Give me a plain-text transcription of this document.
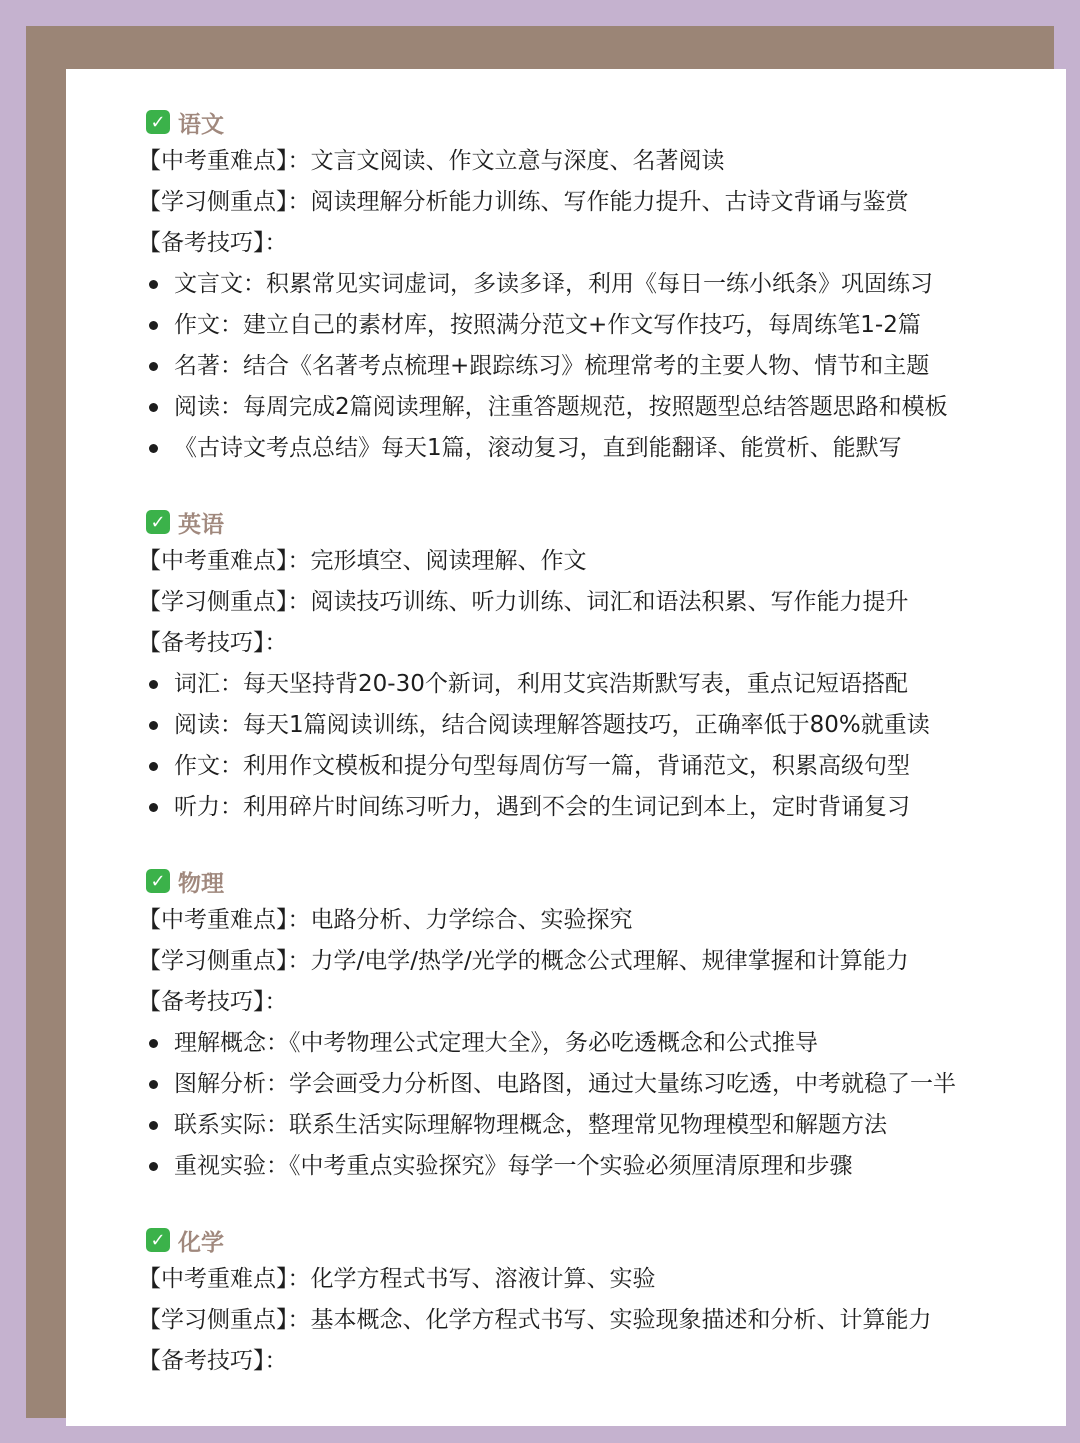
✓ 语文
【中考重难点】：文言文阅读、作文立意与深度、名著阅读
【学习侧重点】：阅读理解分析能力训练、写作能力提升、古诗文背诵与鉴赏
【备考技巧】：
文言文：积累常见实词虚词，多读多译，利用《每日一练小纸条》巩固练习
作文：建立自己的素材库，按照满分范文+作文写作技巧，每周练笔1-2篇
名著：结合《名著考点梳理+跟踪练习》梳理常考的主要人物、情节和主题
阅读：每周完成2篇阅读理解，注重答题规范，按照题型总结答题思路和模板
《古诗文考点总结》每天1篇，滚动复习，直到能翻译、能赏析、能默写
✓ 英语
【中考重难点】：完形填空、阅读理解、作文
【学习侧重点】：阅读技巧训练、听力训练、词汇和语法积累、写作能力提升
【备考技巧】：
词汇：每天坚持背20-30个新词，利用艾宾浩斯默写表，重点记短语搭配
阅读：每天1篇阅读训练，结合阅读理解答题技巧，正确率低于80%就重读
作文：利用作文模板和提分句型每周仿写一篇，背诵范文，积累高级句型
听力：利用碎片时间练习听力，遇到不会的生词记到本上，定时背诵复习
✓ 物理
【中考重难点】：电路分析、力学综合、实验探究
【学习侧重点】：力学/电学/热学/光学的概念公式理解、规律掌握和计算能力
【备考技巧】：
理解概念：《中考物理公式定理大全》，务必吃透概念和公式推导
图解分析：学会画受力分析图、电路图，通过大量练习吃透，中考就稳了一半
联系实际：联系生活实际理解物理概念，整理常见物理模型和解题方法
重视实验：《中考重点实验探究》每学一个实验必须厘清原理和步骤
✓ 化学
【中考重难点】：化学方程式书写、溶液计算、实验
【学习侧重点】：基本概念、化学方程式书写、实验现象描述和分析、计算能力
【备考技巧】：
